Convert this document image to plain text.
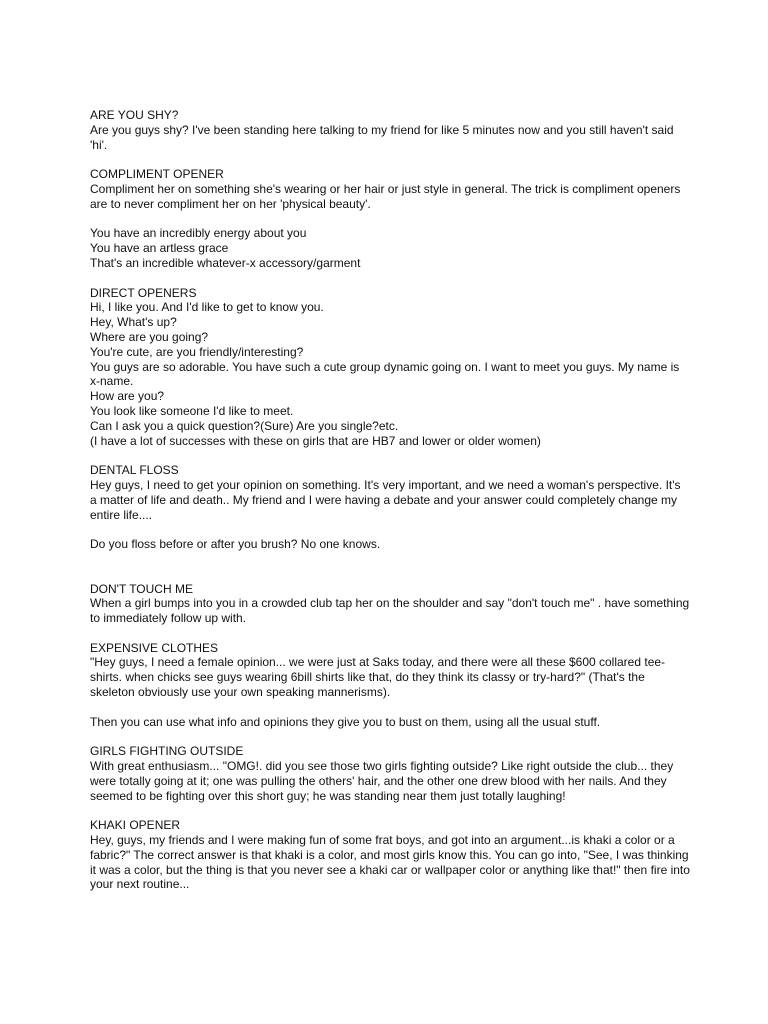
ARE YOU SHY?
Are you guys shy? I've been standing here talking to my friend for like 5 minutes now and you still haven't said 'hi'.
COMPLIMENT OPENER
Compliment her on something she's wearing or her hair or just style in general. The trick is compliment openers are to never compliment her on her 'physical beauty'.
You have an incredibly energy about you
You have an artless grace
That's an incredible whatever-x accessory/garment
DIRECT OPENERS
Hi, I like you. And I'd like to get to know you.
Hey, What's up?
Where are you going?
You're cute, are you friendly/interesting?
You guys are so adorable. You have such a cute group dynamic going on. I want to meet you guys. My name is x-name.
How are you?
You look like someone I'd like to meet.
Can I ask you a quick question?(Sure) Are you single?etc.
(I have a lot of successes with these on girls that are HB7 and lower or older women)
DENTAL FLOSS
Hey guys, I need to get your opinion on something. It's very important, and we need a woman's perspective. It's a matter of life and death.. My friend and I were having a debate and your answer could completely change my entire life....
Do you floss before or after you brush? No one knows.
DON'T TOUCH ME
When a girl bumps into you in a crowded club tap her on the shoulder and say "don't touch me" . have something to immediately follow up with.
EXPENSIVE CLOTHES
"Hey guys, I need a female opinion... we were just at Saks today, and there were all these $600 collared tee-shirts. when chicks see guys wearing 6bill shirts like that, do they think its classy or try-hard?" (That's the skeleton obviously use your own speaking mannerisms).
Then you can use what info and opinions they give you to bust on them, using all the usual stuff.
GIRLS FIGHTING OUTSIDE
With great enthusiasm... "OMG!. did you see those two girls fighting outside? Like right outside the club... they were totally going at it; one was pulling the others' hair, and the other one drew blood with her nails. And they seemed to be fighting over this short guy; he was standing near them just totally laughing!
KHAKI OPENER
Hey, guys, my friends and I were making fun of some frat boys, and got into an argument...is khaki a color or a fabric?" The correct answer is that khaki is a color, and most girls know this. You can go into, "See, I was thinking it was a color, but the thing is that you never see a khaki car or wallpaper color or anything like that!" then fire into your next routine...
